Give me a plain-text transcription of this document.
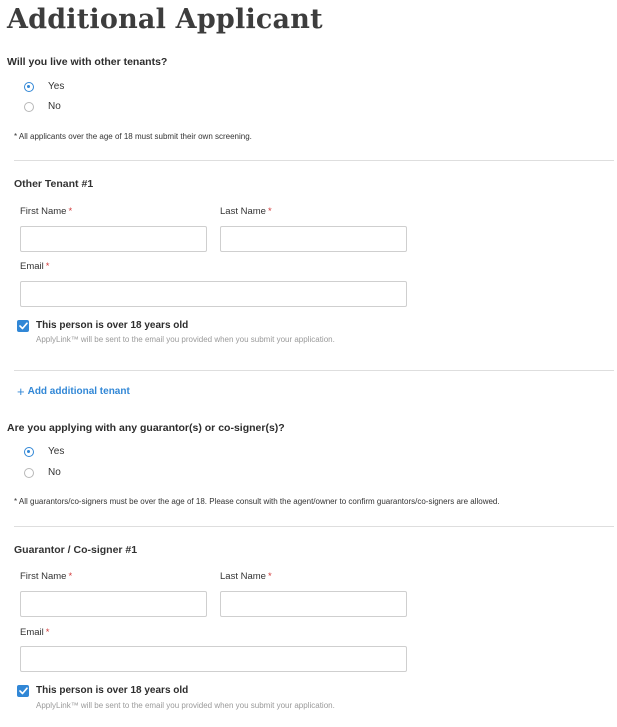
Additional Applicant
Will you live with other tenants?
Yes
No
* All applicants over the age of 18 must submit their own screening.
Other Tenant #1
First Name *	Last Name *
Email *
This person is over 18 years old
ApplyLink™ will be sent to the email you provided when you submit your application.
+ Add additional tenant
Are you applying with any guarantor(s) or co-signer(s)?
Yes
No
* All guarantors/co-signers must be over the age of 18. Please consult with the agent/owner to confirm guarantors/co-signers are allowed.
Guarantor / Co-signer #1
First Name *	Last Name *
Email *
This person is over 18 years old
ApplyLink™ will be sent to the email you provided when you submit your application.
